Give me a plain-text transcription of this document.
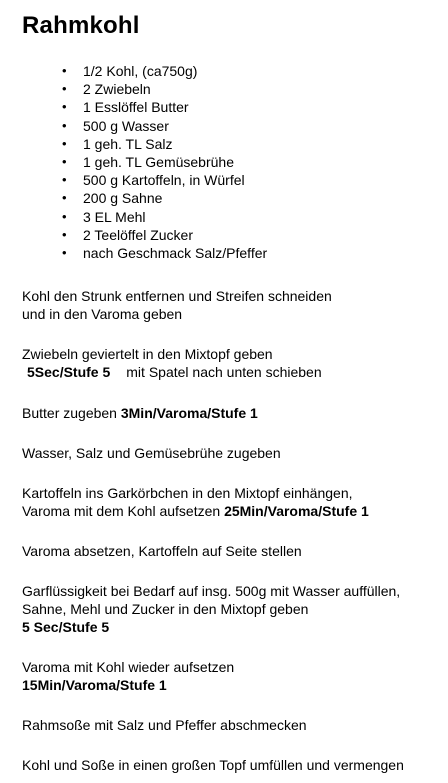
Rahmkohl
• 1/2 Kohl, (ca750g)
• 2 Zwiebeln
• 1 Esslöffel Butter
• 500 g Wasser
• 1 geh. TL Salz
• 1 geh. TL Gemüsebrühe
• 500 g Kartoffeln, in Würfel
• 200 g Sahne
• 3 EL Mehl
• 2 Teelöffel Zucker
• nach Geschmack Salz/Pfeffer
Kohl den Strunk entfernen und Streifen schneiden
und in den Varoma geben
Zwiebeln geviertelt in den Mixtopf geben
5Sec/Stufe 5 mit Spatel nach unten schieben
Butter zugeben 3Min/Varoma/Stufe 1
Wasser, Salz und Gemüsebrühe zugeben
Kartoffeln ins Garkörbchen in den Mixtopf einhängen,
Varoma mit dem Kohl aufsetzen 25Min/Varoma/Stufe 1
Varoma absetzen, Kartoffeln auf Seite stellen
Garflüssigkeit bei Bedarf auf insg. 500g mit Wasser auffüllen,
Sahne, Mehl und Zucker in den Mixtopf geben
5 Sec/Stufe 5
Varoma mit Kohl wieder aufsetzen
15Min/Varoma/Stufe 1
Rahmsoße mit Salz und Pfeffer abschmecken
Kohl und Soße in einen großen Topf umfüllen und vermengen
